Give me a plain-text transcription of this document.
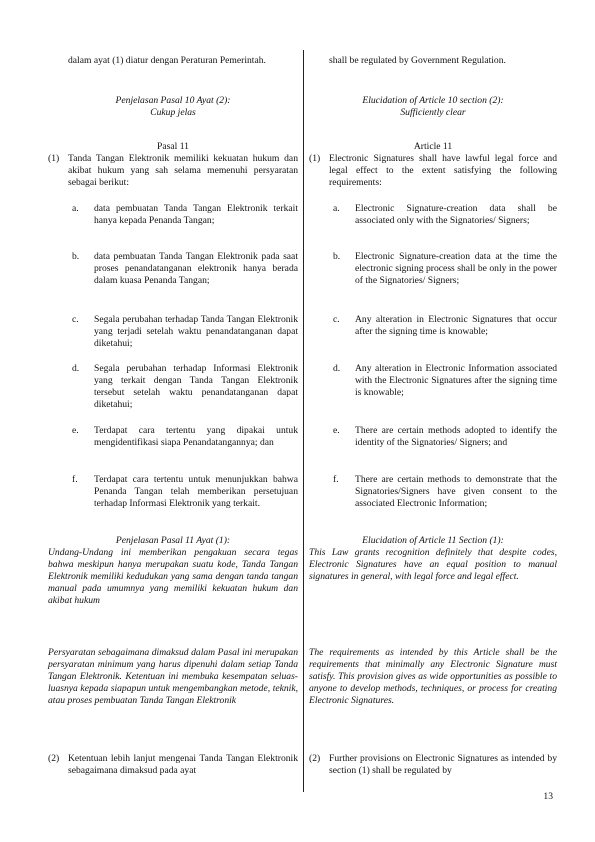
dalam ayat (1) diatur dengan Peraturan Pemerintah.

Penjelasan Pasal 10 Ayat (2):

Cukup jelas

Pasal 11

(1) Tanda Tangan Elektronik memiliki kekuatan hukum dan akibat hukum yang sah selama memenuhi persyaratan sebagai berikut:
a.	data pembuatan Tanda Tangan Elektronik terkait hanya kepada Penanda Tangan;
b.	data pembuatan Tanda Tangan Elektronik pada saat proses penandatanganan elektronik hanya berada dalam kuasa Penanda Tangan;
c.	Segala perubahan terhadap Tanda Tangan Elektronik yang terjadi setelah waktu penandatanganan dapat diketahui;
d.	Segala perubahan terhadap Informasi Elektronik yang terkait dengan Tanda Tangan Elektronik tersebut setelah waktu penandatanganan dapat diketahui;
e.	Terdapat cara tertentu yang dipakai untuk mengidentifikasi siapa Penandatangannya; dan
f.	Terdapat cara tertentu untuk menunjukkan bahwa Penanda Tangan telah memberikan persetujuan terhadap Informasi Elektronik yang terkait.

Penjelasan Pasal 11 Ayat (1):

Undang-Undang ini memberikan pengakuan secara tegas bahwa meskipun hanya merupakan suatu kode, Tanda Tangan Elektronik memiliki kedudukan yang sama dengan tanda tangan manual pada umumnya yang memiliki kekuatan hukum dan akibat hukum

Persyaratan sebagaimana dimaksud dalam Pasal ini merupakan persyaratan minimum yang harus dipenuhi dalam setiap Tanda Tangan Elektronik. Ketentuan ini membuka kesempatan seluas-luasnya kepada siapapun untuk mengembangkan metode, teknik, atau proses pembuatan Tanda Tangan Elektronik

(2) Ketentuan lebih lanjut mengenai Tanda Tangan Elektronik sebagaimana dimaksud pada ayat

shall be regulated by Government Regulation.

Elucidation of Article 10 section (2):

Sufficiently clear

Article 11

(1) Electronic Signatures shall have lawful legal force and legal effect to the extent satisfying the following requirements:
a.	Electronic Signature-creation data shall be associated only with the Signatories/ Signers;
b.	Electronic Signature-creation data at the time the electronic signing process shall be only in the power of the Signatories/ Signers;
c.	Any alteration in Electronic Signatures that occur after the signing time is knowable;
d.	Any alteration in Electronic Information associated with the Electronic Signatures after the signing time is knowable;
e.	There are certain methods adopted to identify the identity of the Signatories/ Signers; and
f.	There are certain methods to demonstrate that the Signatories/Signers have given consent to the associated Electronic Information;

Elucidation of Article 11 Section (1):

This Law grants recognition definitely that despite codes, Electronic Signatures have an equal position to manual signatures in general, with legal force and legal effect.

The requirements as intended by this Article shall be the requirements that minimally any Electronic Signature must satisfy. This provision gives as wide opportunities as possible to anyone to develop methods, techniques, or process for creating Electronic Signatures.

(2) Further provisions on Electronic Signatures as intended by section (1) shall be regulated by
13
